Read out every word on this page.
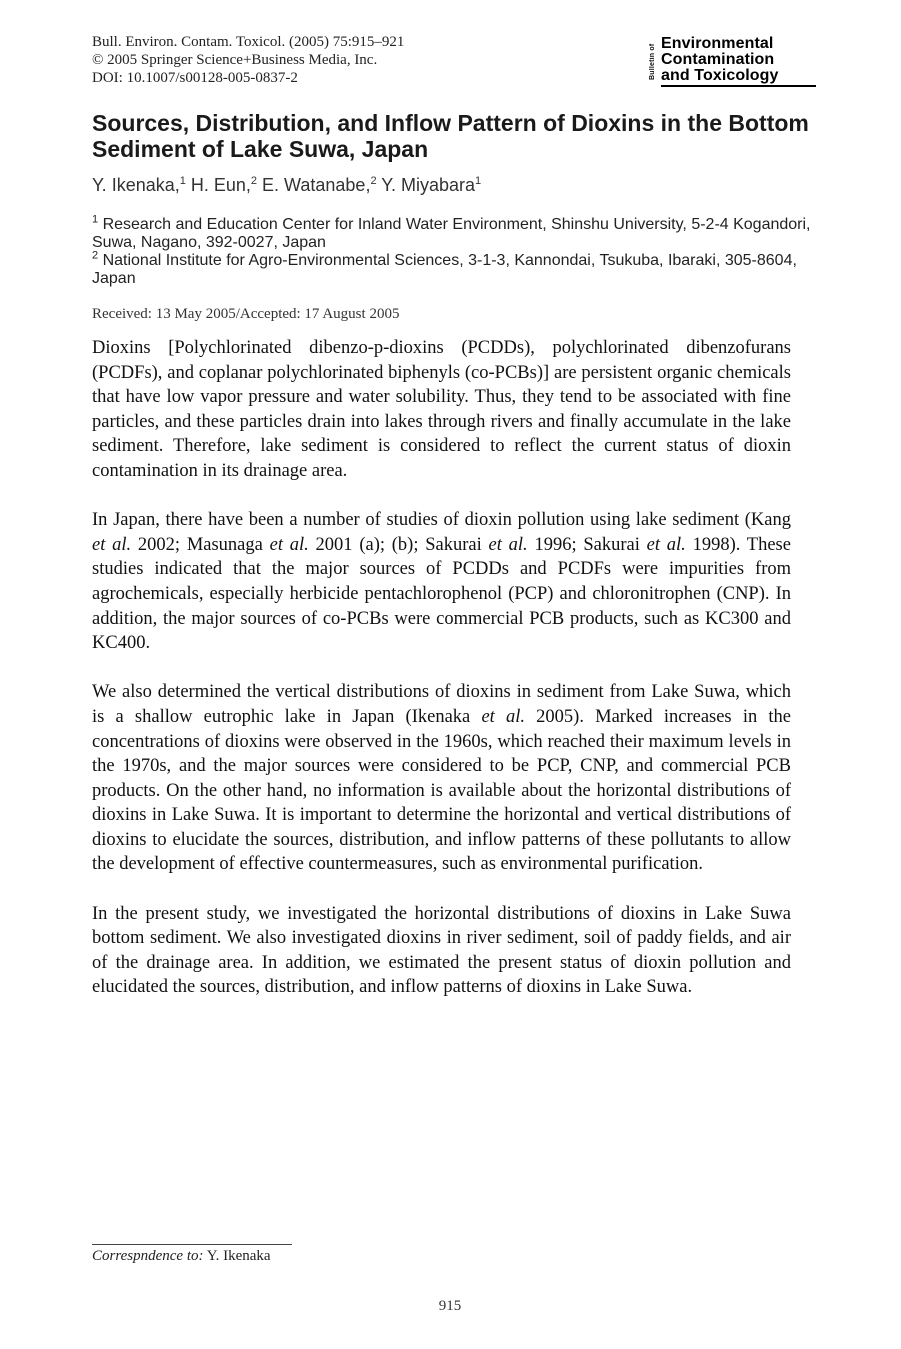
Bull. Environ. Contam. Toxicol. (2005) 75:915–921
© 2005 Springer Science+Business Media, Inc.
DOI: 10.1007/s00128-005-0837-2	Bulletin of
Environmental
Contamination
and Toxicology
Sources, Distribution, and Inflow Pattern of Dioxins in the Bottom Sediment of Lake Suwa, Japan
Y. Ikenaka,$^1$ H. Eun,$^2$ E. Watanabe,$^2$ Y. Miyabara$^1$
$^1$ Research and Education Center for Inland Water Environment, Shinshu University, 5-2-4 Kogandori, Suwa, Nagano, 392-0027, Japan
$^2$ National Institute for Agro-Environmental Sciences, 3-1-3, Kannondai, Tsukuba, Ibaraki, 305-8604, Japan
Received: 13 May 2005/Accepted: 17 August 2005

Dioxins [Polychlorinated dibenzo-p-dioxins (PCDDs), polychlorinated dibenzofurans (PCDFs), and coplanar polychlorinated biphenyls (co-PCBs)] are persistent organic chemicals that have low vapor pressure and water solubility. Thus, they tend to be associated with fine particles, and these particles drain into lakes through rivers and finally accumulate in the lake sediment. Therefore, lake sediment is considered to reflect the current status of dioxin contamination in its drainage area.

In Japan, there have been a number of studies of dioxin pollution using lake sediment (Kang et al. 2002; Masunaga et al. 2001 (a); (b); Sakurai et al. 1996; Sakurai et al. 1998). These studies indicated that the major sources of PCDDs and PCDFs were impurities from agrochemicals, especially herbicide pentachlorophenol (PCP) and chloronitrophen (CNP). In addition, the major sources of co-PCBs were commercial PCB products, such as KC300 and KC400.

We also determined the vertical distributions of dioxins in sediment from Lake Suwa, which is a shallow eutrophic lake in Japan (Ikenaka et al. 2005). Marked increases in the concentrations of dioxins were observed in the 1960s, which reached their maximum levels in the 1970s, and the major sources were considered to be PCP, CNP, and commercial PCB products. On the other hand, no information is available about the horizontal distributions of dioxins in Lake Suwa. It is important to determine the horizontal and vertical distributions of dioxins to elucidate the sources, distribution, and inflow patterns of these pollutants to allow the development of effective countermeasures, such as environmental purification.

In the present study, we investigated the horizontal distributions of dioxins in Lake Suwa bottom sediment. We also investigated dioxins in river sediment, soil of paddy fields, and air of the drainage area. In addition, we estimated the present status of dioxin pollution and elucidated the sources, distribution, and inflow patterns of dioxins in Lake Suwa.

Correspndence to: Y. Ikenaka
915
